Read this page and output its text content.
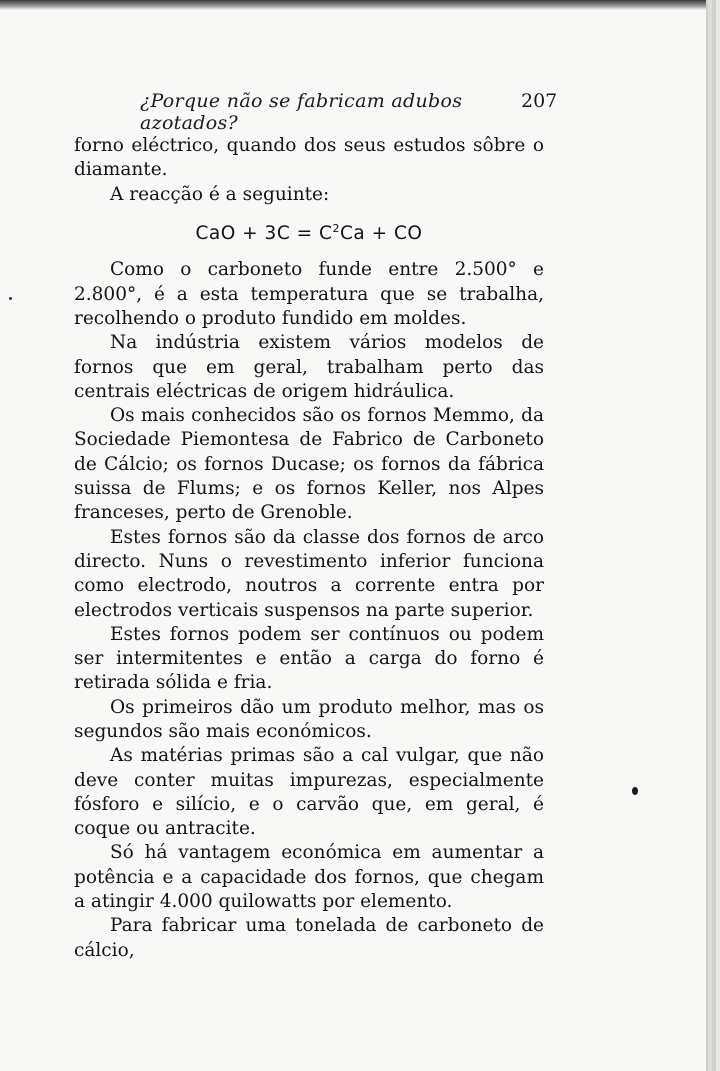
¿Porque não se fabricam adubos azotados?
207

forno eléctrico, quando dos seus estudos sôbre o diamante.

A reacção é a seguinte:

CaO + $3C = C^2Ca$ + CO

Como o carboneto funde entre 2.500° e 2.800°, é a esta temperatura que se trabalha, recolhendo o produto fundido em moldes.

Na indústria existem vários modelos de fornos que em geral, trabalham perto das centrais eléctricas de origem hidráulica.

Os mais conhecidos são os fornos Memmo, da Sociedade Piemontesa de Fabrico de Carboneto de Cálcio; os fornos Ducase; os fornos da fábrica suissa de Flums; e os fornos Keller, nos Alpes franceses, perto de Grenoble.

Estes fornos são da classe dos fornos de arco directo. Nuns o revestimento inferior funciona como electrodo, noutros a corrente entra por electrodos verticais suspensos na parte superior.

Estes fornos podem ser contínuos ou podem ser intermitentes e então a carga do forno é retirada sólida e fria.

Os primeiros dão um produto melhor, mas os segundos são mais económicos.

As matérias primas são a cal vulgar, que não deve conter muitas impurezas, especialmente fósforo e silício, e o carvão que, em geral, é coque ou antracite.

Só há vantagem económica em aumentar a potência e a capacidade dos fornos, que chegam a atingir 4.000 quilowatts por elemento.

Para fabricar uma tonelada de carboneto de cálcio,
